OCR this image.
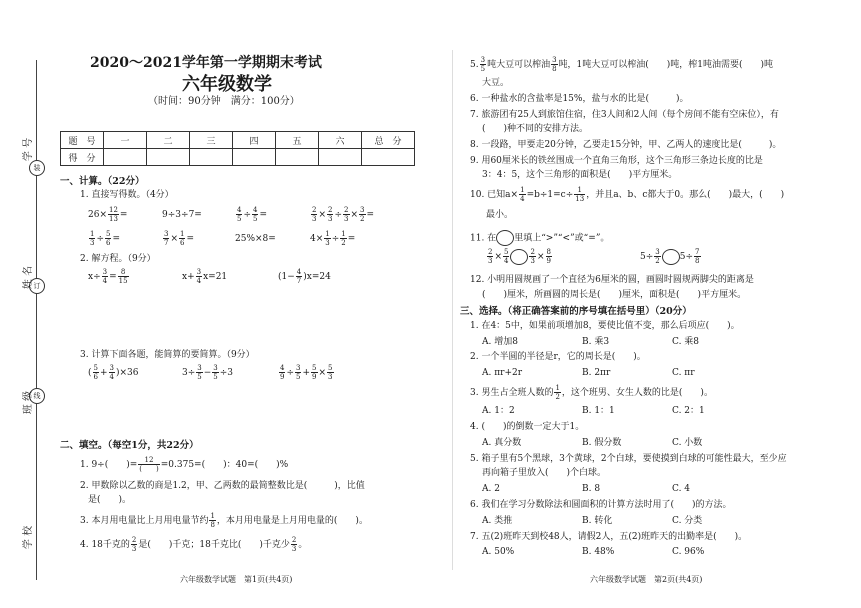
装
订
线
学 号
姓 名
班 级
学 校
2020～2021学年第一学期期末考试
六年级数学
（时间：90分钟　满分：100分）
题　号	一	二	三	四	五	六	总　分
得　分							
一、计算。（22分）
1. 直接写得数。（4分）
$26\times \frac{12}{13}$ =	9÷3÷7=	$\frac{4}{5} \div \frac{4}{5}$ =	$\frac{2}{3} \times \frac{2}{3} \div \frac{2}{3} \times \frac{3}{2}$ =
$\frac{1}{3} \div \frac{5}{6}$ =	$\frac{3}{7} \times \frac{1}{6}$ =	25%×8=	$4\times \frac{1}{3} \div \frac{1}{2}$ =
2. 解方程。（9分）
$x\div \frac{3}{4} = \frac{8}{15}$	$x+ \frac{3}{4} x=21$	$(1- \frac{4}{7} )x=24$
3. 计算下面各题，能简算的要简算。（9分）
( $\frac{5}{6} + \frac{3}{4} )\times 36$	$3\div \frac{3}{5} - \frac{3}{5} \div 3$	$\frac{4}{9} \div \frac{3}{5} + \frac{5}{9} \times \frac{5}{3}$
二、填空。（每空1分，共22分）
1. 9÷(　　)= $\frac{12}{( )} =0.375=$(　　)：40=(　　)%
2. 甲数除以乙数的商是1.2，甲、乙两数的最简整数比是(　　　)，比值
是(　　)。
3. 本月用电量比上月用电量节约 $\frac{1}{8}$ ，本月用电量是上月用电量的(　　)。
4. 18千克的 $\frac{2}{3}$ 是(　　)千克；18千克比(　　)千克少 $\frac{2}{3}$ 。
六年级数学试题　第1页(共4页)
5. $\frac{3}{5}$ 吨大豆可以榨油 $\frac{3}{8}$ 吨，1吨大豆可以榨油(　　)吨，榨1吨油需要(　　)吨
大豆。
6. 一种盐水的含盐率是15%，盐与水的比是(　　　)。
7. 旅游团有25人到旅馆住宿，住3人间和2人间（每个房间不能有空床位），有
(　　)种不同的安排方法。
8. 一段路，甲要走20分钟，乙要走15分钟，甲、乙两人的速度比是(　　　)。
9. 用60厘米长的铁丝围成一个直角三角形，这个三角形三条边长度的比是
3：4：5，这个三角形的面积是(　　)平方厘米。
10. 已知$a\times \frac{1}{4} =b\div 1=c\div \frac{1}{13}$ ，并且a、b、c都大于0。那么(　　)最大，(　　)
最小。
11. 在 里填上“>”“<”或“=”。
$\frac{2}{3} \times \frac{5}{4}$	$\frac{2}{3} \times \frac{8}{9}$	$5\div \frac{3}{2} 5\div \frac{7}{8}$
12. 小明用圆规画了一个直径为6厘米的圆，画圆时圆规两脚尖的距离是
(　　)厘米，所画圆的周长是(　　)厘米，面积是(　　)平方厘米。
三、选择。（将正确答案前的序号填在括号里）（20分）
1. 在4：5中，如果前项增加8，要使比值不变，那么后项应(　　)。
A. 增加8	B. 乘3	C. 乘8
2. 一个半圆的半径是r，它的周长是(　　)。
A. πr+2r	B. 2πr	C. πr
3. 男生占全班人数的 $\frac{1}{2}$ ，这个班男、女生人数的比是(　　)。
A. 1：2	B. 1：1	C. 2：1
4. (　　)的倒数一定大于1。
A. 真分数	B. 假分数	C. 小数
5. 箱子里有5个黑球，3个黄球，2个白球，要使摸到白球的可能性最大，至少应
再向箱子里放入(　　)个白球。
A. 2	B. 8	C. 4
6. 我们在学习分数除法和圆面积的计算方法时用了(　　)的方法。
A. 类推	B. 转化	C. 分类
7. 五(2)班昨天到校48人，请假2人，五(2)班昨天的出勤率是(　　)。
A. 50%	B. 48%	C. 96%
六年级数学试题　第2页(共4页)
